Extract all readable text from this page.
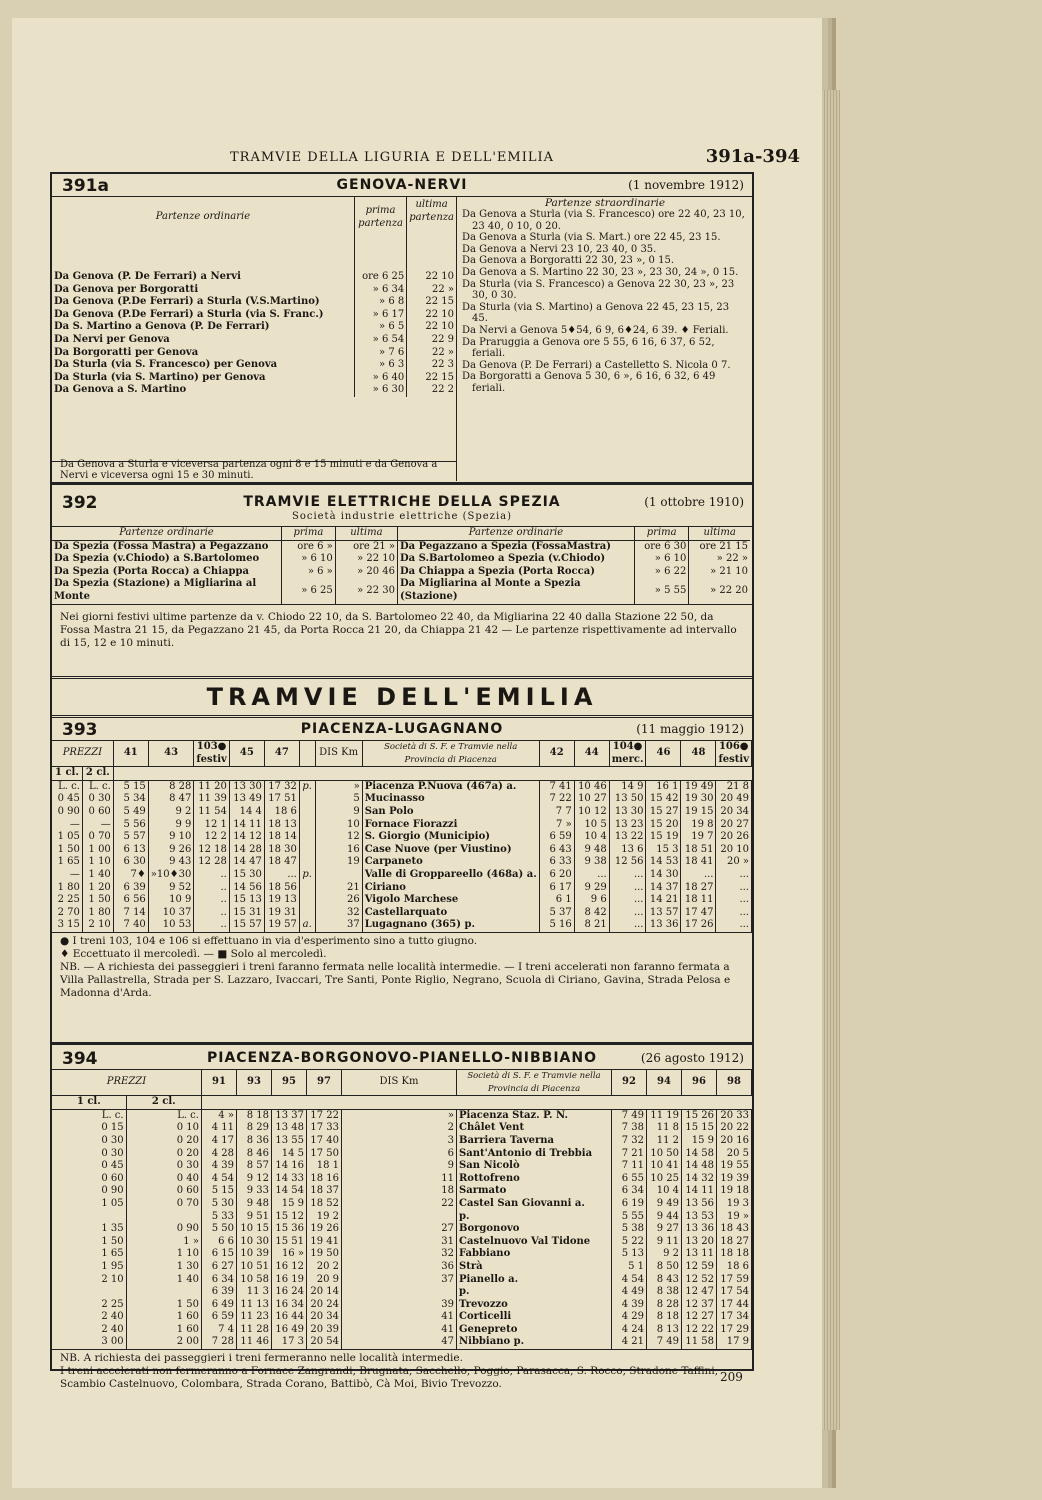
TRAMVIE DELLA LIGURIA E DELL'EMILIA	391a-394
391a	GENOVA-NERVI	(1 novembre 1912)
Partenze ordinarie	prima partenza	ultima partenza
Da Genova (P. De Ferrari) a Nervi	ore 6 25	22 10
Da Genova per Borgoratti	» 6 34	22 »
Da Genova (P.De Ferrari) a Sturla (V.S.Martino)	» 6 8	22 15
Da Genova (P.De Ferrari) a Sturla (via S. Franc.)	» 6 17	22 10
Da S. Martino a Genova (P. De Ferrari)	» 6 5	22 10
Da Nervi per Genova	» 6 54	22 9
Da Borgoratti per Genova	» 7 6	22 »
Da Sturla (via S. Francesco) per Genova	» 6 3	22 3
Da Sturla (via S. Martino) per Genova	» 6 40	22 15
Da Genova a S. Martino	» 6 30	22 2
Da Genova a Sturla e viceversa partenza ogni 8 e 15 minuti e da Genova a Nervi e viceversa ogni 15 e 30 minuti.
Partenze straordinarie
Da Genova a Sturla (via S. Francesco) ore 22 40, 23 10, 23 40, 0 10, 0 20.
Da Genova a Sturla (via S. Mart.) ore 22 45, 23 15.
Da Genova a Nervi 23 10, 23 40, 0 35.
Da Genova a Borgoratti 22 30, 23 », 0 15.
Da Genova a S. Martino 22 30, 23 », 23 30, 24 », 0 15.
Da Sturla (via S. Francesco) a Genova 22 30, 23 », 23 30, 0 30.
Da Sturla (via S. Martino) a Genova 22 45, 23 15, 23 45.
Da Nervi a Genova 5♦54, 6 9, 6♦24, 6 39. ♦ Feriali.
Da Praruggia a Genova ore 5 55, 6 16, 6 37, 6 52, feriali.
Da Genova (P. De Ferrari) a Castelletto S. Nicola 0 7.
Da Borgoratti a Genova 5 30, 6 », 6 16, 6 32, 6 49 feriali.
392	TRAMVIE ELETTRICHE DELLA SPEZIA	(1 ottobre 1910)
Società industrie elettriche (Spezia)
Partenze ordinarie	prima	ultima
Da Spezia (Fossa Mastra) a Pegazzano	ore 6 »	ore 21 »
Da Spezia (v.Chiodo) a S.Bartolomeo	» 6 10	» 22 10
Da Spezia (Porta Rocca) a Chiappa	» 6 »	» 20 46
Da Spezia (Stazione) a Migliarina al Monte	» 6 25	» 22 30
Partenze ordinarie	prima	ultima
Da Pegazzano a Spezia (FossaMastra)	ore 6 30	ore 21 15
Da S.Bartolomeo a Spezia (v.Chiodo)	» 6 10	» 22 »
Da Chiappa a Spezia (Porta Rocca)	» 6 22	» 21 10
Da Migliarina al Monte a Spezia (Stazione)	» 5 55	» 22 20
Nei giorni festivi ultime partenze da v. Chiodo 22 10, da S. Bartolomeo 22 40, da Migliarina 22 40 dalla Stazione 22 50, da Fossa Mastra 21 15, da Pegazzano 21 45, da Porta Rocca 21 20, da Chiappa 21 42 — Le partenze rispettivamente ad intervallo di 15, 12 e 10 minuti.
TRAMVIE DELL'EMILIA
393	PIACENZA-LUGAGNANO	(11 maggio 1912)
PREZZI		41	43	103● festiv	45	47		DIS Km	Società di S. F. e Tramvie nella Provincia di Piacenza	42	44	104● merc.	46	48	106● festiv
1 cl.	2 cl.														
L. c.	L. c.	5 15	8 28	11 20	13 30	17 32	p.	»	Piacenza P.Nuova (467a) a.	7 41	10 46	14 9	16 1	19 49	21 8
0 45	0 30	5 34	8 47	11 39	13 49	17 51		5	Mucinasso	7 22	10 27	13 50	15 42	19 30	20 49
0 90	0 60	5 49	9 2	11 54	14 4	18 6		9	San Polo	7 7	10 12	13 30	15 27	19 15	20 34
—	—	5 56	9 9	12 1	14 11	18 13		10	Fornace Fiorazzi	7 »	10 5	13 23	15 20	19 8	20 27
1 05	0 70	5 57	9 10	12 2	14 12	18 14		12	S. Giorgio (Municipio)	6 59	10 4	13 22	15 19	19 7	20 26
1 50	1 00	6 13	9 26	12 18	14 28	18 30		16	Case Nuove (per Viustino)	6 43	9 48	13 6	15 3	18 51	20 10
1 65	1 10	6 30	9 43	12 28	14 47	18 47		19	Carpaneto	6 33	9 38	12 56	14 53	18 41	20 »
—	1 40	7♦	»10♦30	..	15 30	...	p.		Valle di Groppareello (468a) a.	6 20	...	...	14 30	...	...
1 80	1 20	6 39	9 52	..	14 56	18 56		21	Ciriano	6 17	9 29	...	14 37	18 27	...
2 25	1 50	6 56	10 9	..	15 13	19 13		26	Vigolo Marchese	6 1	9 6	...	14 21	18 11	...
2 70	1 80	7 14	10 37	..	15 31	19 31		32	Castellarquato	5 37	8 42	...	13 57	17 47	...
3 15	2 10	7 40	10 53	..	15 57	19 57	a.	37	Lugagnano (365) p.	5 16	8 21	...	13 36	17 26	...
● I treni 103, 104 e 106 si effettuano in via d'esperimento sino a tutto giugno.
♦ Eccettuato il mercoledì. — ■ Solo al mercoledì.
NB. — A richiesta dei passeggieri i treni faranno fermata nelle località intermedie. — I treni accelerati non faranno fermata a Villa Pallastrella, Strada per S. Lazzaro, Ivaccari, Tre Santi, Ponte Riglio, Negrano, Scuola di Ciriano, Gavina, Strada Pelosa e Madonna d'Arda.
394	PIACENZA-BORGONOVO-PIANELLO-NIBBIANO	(26 agosto 1912)
PREZZI		91	93	95	97	DIS Km	Società di S. F. e Tramvie nella Provincia di Piacenza	92	94	96	98
1 cl.	2 cl.										
L. c.	L. c.	4 »	8 18	13 37	17 22	»	Piacenza Staz. P. N.	7 49	11 19	15 26	20 33
0 15	0 10	4 11	8 29	13 48	17 33	2	Châlet Vent	7 38	11 8	15 15	20 22
0 30	0 20	4 17	8 36	13 55	17 40	3	Barriera Taverna	7 32	11 2	15 9	20 16
0 30	0 20	4 28	8 46	14 5	17 50	6	Sant'Antonio di Trebbia	7 21	10 50	14 58	20 5
0 45	0 30	4 39	8 57	14 16	18 1	9	San Nicolò	7 11	10 41	14 48	19 55
0 60	0 40	4 54	9 12	14 33	18 16	11	Rottofreno	6 55	10 25	14 32	19 39
0 90	0 60	5 15	9 33	14 54	18 37	18	Sarmato	6 34	10 4	14 11	19 18
1 05	0 70	5 30	9 48	15 9	18 52	22	Castel San Giovanni a.	6 19	9 49	13 56	19 3
		5 33	9 51	15 12	19 2		p.	5 55	9 44	13 53	19 »
1 35	0 90	5 50	10 15	15 36	19 26	27	Borgonovo	5 38	9 27	13 36	18 43
1 50	1 »	6 6	10 30	15 51	19 41	31	Castelnuovo Val Tidone	5 22	9 11	13 20	18 27
1 65	1 10	6 15	10 39	16 »	19 50	32	Fabbiano	5 13	9 2	13 11	18 18
1 95	1 30	6 27	10 51	16 12	20 2	36	Strà	5 1	8 50	12 59	18 6
2 10	1 40	6 34	10 58	16 19	20 9	37	Pianello a.	4 54	8 43	12 52	17 59
		6 39	11 3	16 24	20 14		p.	4 49	8 38	12 47	17 54
2 25	1 50	6 49	11 13	16 34	20 24	39	Trevozzo	4 39	8 28	12 37	17 44
2 40	1 60	6 59	11 23	16 44	20 34	41	Corticelli	4 29	8 18	12 27	17 34
2 40	1 60	7 4	11 28	16 49	20 39	41	Genepreto	4 24	8 13	12 22	17 29
3 00	2 00	7 28	11 46	17 3	20 54	47	Nibbiano p.	4 21	7 49	11 58	17 9
NB. A richiesta dei passeggieri i treni fermeranno nelle località intermedie.
I treni accelerati non fermeranno a Fornace Zangrandi, Brugnata, Sacchello, Poggio, Parasacca, S. Rocco, Stradone Taffini, Scambio Castelnuovo, Colombara, Strada Corano, Battibò, Cà Moi, Bivio Trevozzo.
209
